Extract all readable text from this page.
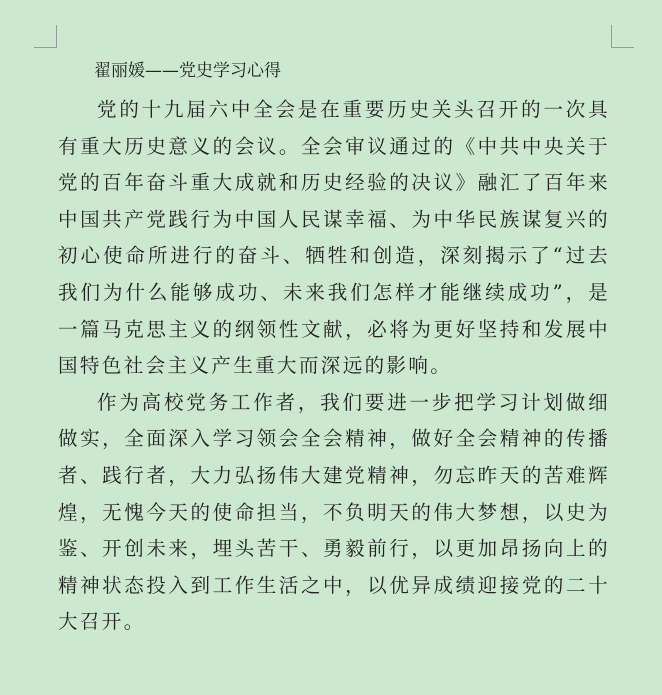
翟丽媛——党史学习心得

党的十九届六中全会是在重要历史关头召开的一次具有重大历史意义的会议。全会审议通过的《中共中央关于党的百年奋斗重大成就和历史经验的决议》融汇了百年来中国共产党践行为中国人民谋幸福、为中华民族谋复兴的初心使命所进行的奋斗、牺牲和创造，深刻揭示了“过去我们为什么能够成功、未来我们怎样才能继续成功”，是一篇马克思主义的纲领性文献，必将为更好坚持和发展中国特色社会主义产生重大而深远的影响。

作为高校党务工作者，我们要进一步把学习计划做细做实，全面深入学习领会全会精神，做好全会精神的传播者、践行者，大力弘扬伟大建党精神，勿忘昨天的苦难辉煌，无愧今天的使命担当，不负明天的伟大梦想，以史为鉴、开创未来，埋头苦干、勇毅前行，以更加昂扬向上的精神状态投入到工作生活之中，以优异成绩迎接党的二十大召开。
